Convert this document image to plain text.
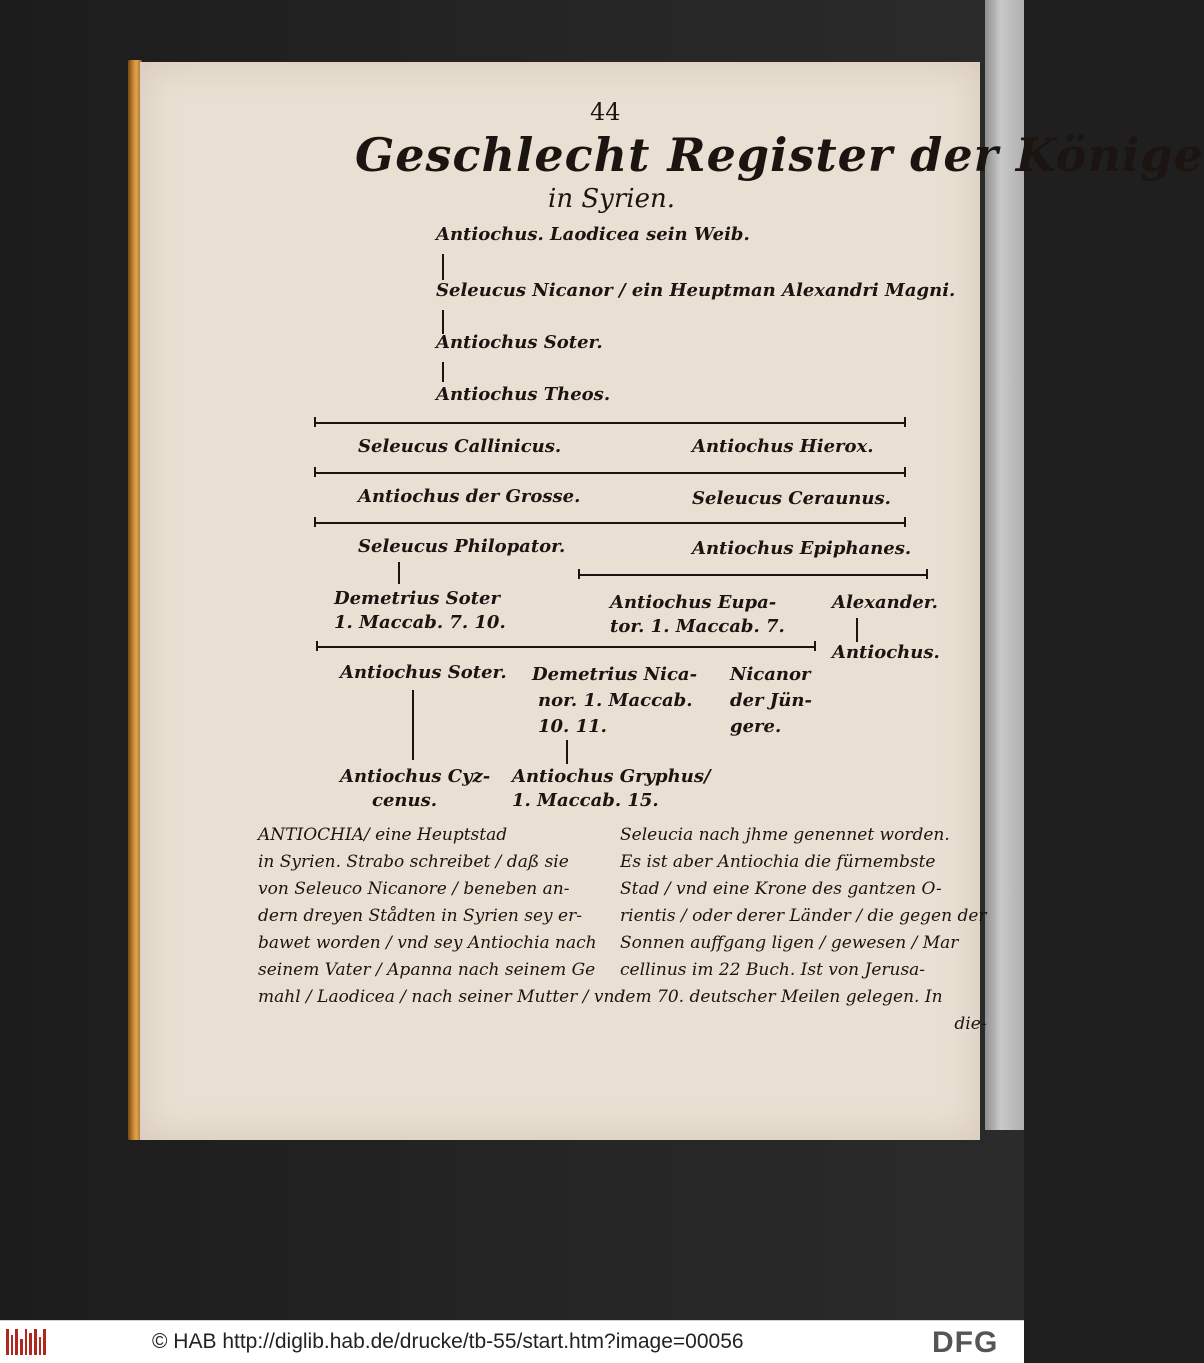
44
Geschlecht Register der Könige
in Syrien.
Antiochus. Laodicea sein Weib.
Seleucus Nicanor / ein Heuptman Alexandri Magni.
Antiochus Soter.
Antiochus Theos.
Seleucus Callinicus.	Antiochus Hierox.
Antiochus der Grosse.	Seleucus Ceraunus.
Seleucus Philopator.	Antiochus Epiphanes.
Demetrius Soter
1. Maccab. 7. 10.
Antiochus Eupa-
tor. 1. Maccab. 7.
Alexander.
Antiochus.
Antiochus Soter. Demetrius Nica-
nor. 1. Maccab.
10. 11.
Nicanor
der Jün-
gere.
Antiochus Cyz-
cenus.
Antiochus Gryphus/
1. Maccab. 15.
ANTIOCHIA/ eine Heuptstad
in Syrien. Strabo schreibet / daß sie
von Seleuco Nicanore / beneben an-
dern dreyen Stådten in Syrien sey er-
bawet worden / vnd sey Antiochia nach
seinem Vater / Apanna nach seinem Ge
mahl / Laodicea / nach seiner Mutter / vnd
Seleucia nach jhme genennet worden.
Es ist aber Antiochia die fürnembste
Stad / vnd eine Krone des gantzen O-
rientis / oder derer Länder / die gegen der
Sonnen auffgang ligen / gewesen / Mar
cellinus im 22 Buch. Ist von Jerusa-
lem 70. deutscher Meilen gelegen. In
die-
© HAB http://diglib.hab.de/drucke/tb-55/start.htm?image=00056	DFG
